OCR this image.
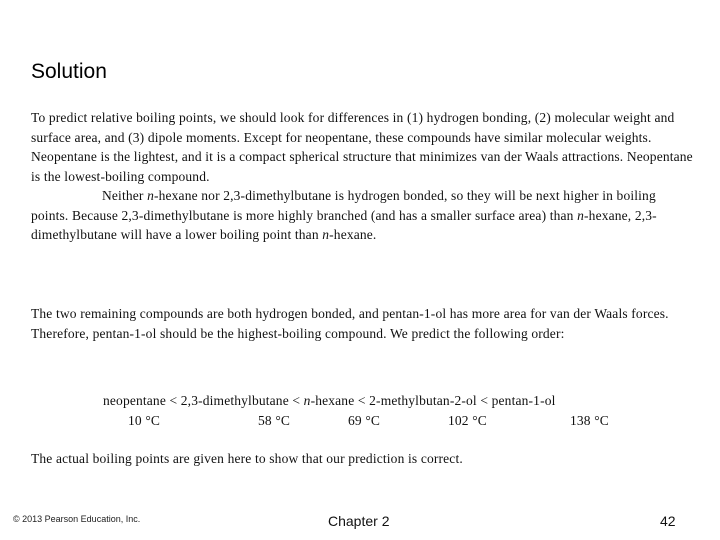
Solution
To predict relative boiling points, we should look for differences in (1) hydrogen bonding, (2) molecular weight and surface area, and (3) dipole moments. Except for neopentane, these compounds have similar molecular weights. Neopentane is the lightest, and it is a compact spherical structure that minimizes van der Waals attractions. Neopentane is the lowest-boiling compound.
Neither n-hexane nor 2,3-dimethylbutane is hydrogen bonded, so they will be next higher in boiling points. Because 2,3-dimethylbutane is more highly branched (and has a smaller surface area) than n-hexane, 2,3-dimethylbutane will have a lower boiling point than n-hexane.
The two remaining compounds are both hydrogen bonded, and pentan-1-ol has more area for van der Waals forces. Therefore, pentan-1-ol should be the highest-boiling compound. We predict the following order:
neopentane < 2,3-dimethylbutane < n-hexane < 2-methylbutan-2-ol < pentan-1-ol
10 °C	58 °C	69 °C	102 °C	138 °C
The actual boiling points are given here to show that our prediction is correct.
© 2013 Pearson Education, Inc.	Chapter 2	42
